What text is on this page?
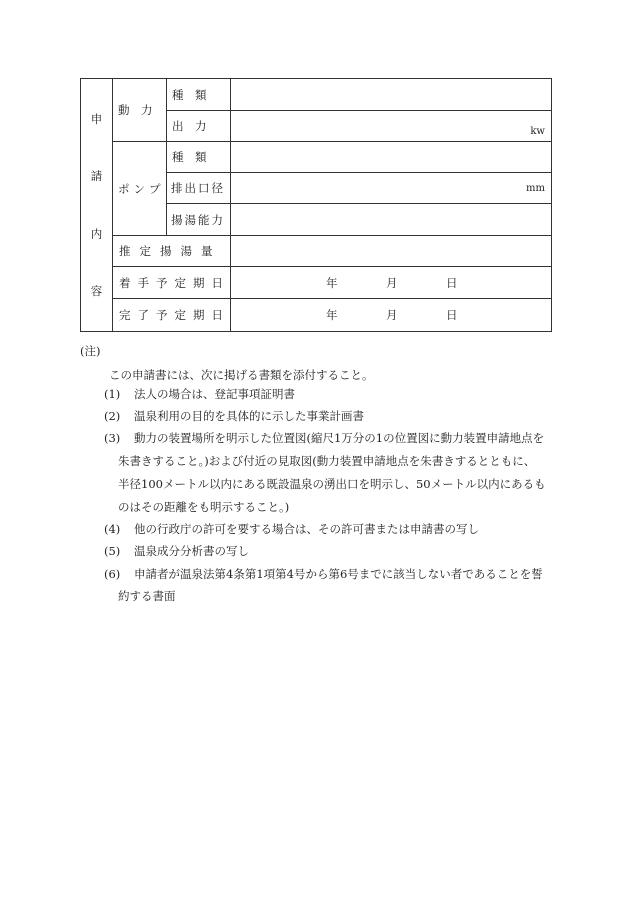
申
請
内
容	動　力	種　類	

		出　力	kw

	ポンプ	種　類	

		排出口径	mm

		揚湯能力	

	推定揚湯量		

	着手予定期日		年 月 日

	完了予定期日		年 月 日
(注)
この申請書には、次に掲げる書類を添付すること。
(1) 法人の場合は、登記事項証明書
(2) 温泉利用の目的を具体的に示した事業計画書
(3) 動力の装置場所を明示した位置図(縮尺1万分の1の位置図に動力装置申請地点を
朱書きすること。)および付近の見取図(動力装置申請地点を朱書きするとともに、
半径100メートル以内にある既設温泉の湧出口を明示し、50メートル以内にあるも
のはその距離をも明示すること。)
(4) 他の行政庁の許可を要する場合は、その許可書または申請書の写し
(5) 温泉成分分析書の写し
(6) 申請者が温泉法第4条第1項第4号から第6号までに該当しない者であることを誓
約する書面
